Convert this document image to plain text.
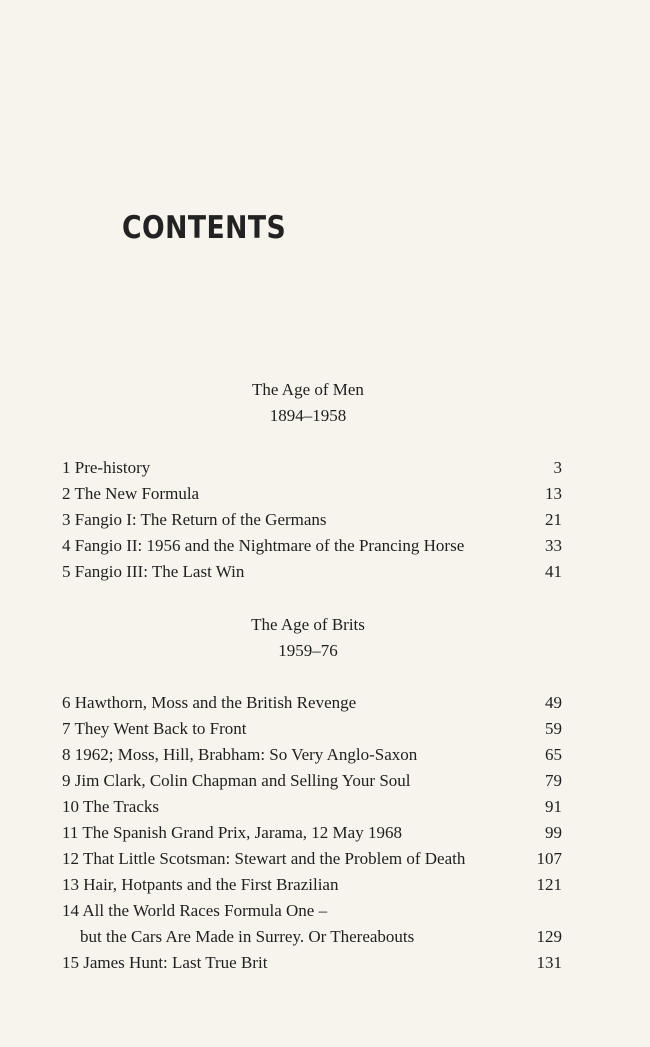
CONTENTS
The Age of Men
1894–1958
1 Pre-history	3
2 The New Formula	13
3 Fangio I: The Return of the Germans	21
4 Fangio II: 1956 and the Nightmare of the Prancing Horse	33
5 Fangio III: The Last Win	41
The Age of Brits
1959–76
6 Hawthorn, Moss and the British Revenge	49
7 They Went Back to Front	59
8 1962; Moss, Hill, Brabham: So Very Anglo-Saxon	65
9 Jim Clark, Colin Chapman and Selling Your Soul	79
10 The Tracks	91
11 The Spanish Grand Prix, Jarama, 12 May 1968	99
12 That Little Scotsman: Stewart and the Problem of Death	107
13 Hair, Hotpants and the First Brazilian	121
14 All the World Races Formula One –
but the Cars Are Made in Surrey. Or Thereabouts	129
15 James Hunt: Last True Brit	131
